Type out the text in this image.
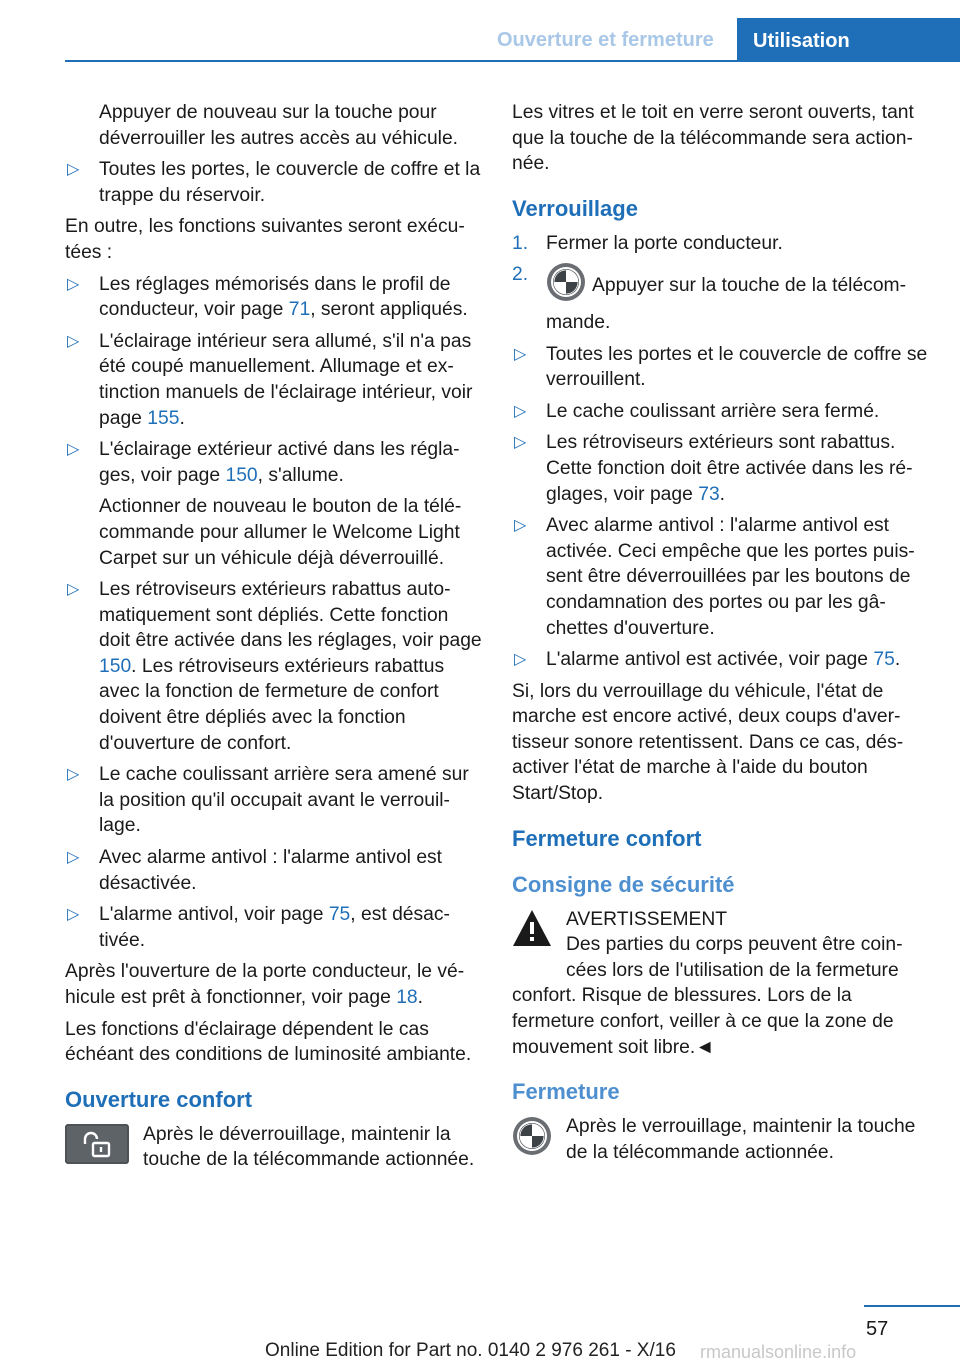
Ouverture et fermeture	Utilisation

Appuyer de nouveau sur la touche pour déverrouiller les autres accès au véhicule.

▷ Toutes les portes, le couvercle de coffre et la trappe du réservoir.

En outre, les fonctions suivantes seront exécutées :

▷ Les réglages mémorisés dans le profil de conducteur, voir page 71, seront appliqués.
▷ L'éclairage intérieur sera allumé, s'il n'a pas été coupé manuellement. Allumage et extinction manuels de l'éclairage intérieur, voir page 155.
▷ L'éclairage extérieur activé dans les réglages, voir page 150, s'allume.

Actionner de nouveau le bouton de la télécommande pour allumer le Welcome Light Carpet sur un véhicule déjà déverrouillé.

▷ Les rétroviseurs extérieurs rabattus automatiquement sont dépliés. Cette fonction doit être activée dans les réglages, voir page 150. Les rétroviseurs extérieurs rabattus avec la fonction de fermeture de confort doivent être dépliés avec la fonction d'ouverture de confort.
▷ Le cache coulissant arrière sera amené sur la position qu'il occupait avant le verrouillage.
▷ Avec alarme antivol : l'alarme antivol est désactivée.
▷ L'alarme antivol, voir page 75, est désactivée.

Après l'ouverture de la porte conducteur, le véhicule est prêt à fonctionner, voir page 18.

Les fonctions d'éclairage dépendent le cas échéant des conditions de luminosité ambiante.

Ouverture confort
Après le déverrouillage, maintenir la touche de la télécommande actionnée.

Les vitres et le toit en verre seront ouverts, tant que la touche de la télécommande sera actionnée.

Verrouillage
1. Fermer la porte conducteur.
2.
Appuyer sur la touche de la télécommande.
▷ Toutes les portes et le couvercle de coffre se verrouillent.
▷ Le cache coulissant arrière sera fermé.
▷ Les rétroviseurs extérieurs sont rabattus. Cette fonction doit être activée dans les réglages, voir page 73.
▷ Avec alarme antivol : l'alarme antivol est activée. Ceci empêche que les portes puissent être déverrouillées par les boutons de condamnation des portes ou par les gâchettes d'ouverture.
▷ L'alarme antivol est activée, voir page 75.

Si, lors du verrouillage du véhicule, l'état de marche est encore activé, deux coups d'avertisseur sonore retentissent. Dans ce cas, désactiver l'état de marche à l'aide du bouton Start/Stop.

Fermeture confort
Consigne de sécurité
AVERTISSEMENT
Des parties du corps peuvent être coincées lors de l'utilisation de la fermeture confort. Risque de blessures. Lors de la fermeture confort, veiller à ce que la zone de mouvement soit libre.◄
Fermeture
Après le verrouillage, maintenir la touche de la télécommande actionnée.
57
Online Edition for Part no. 0140 2 976 261 - X/16 rmanualsonline.info
